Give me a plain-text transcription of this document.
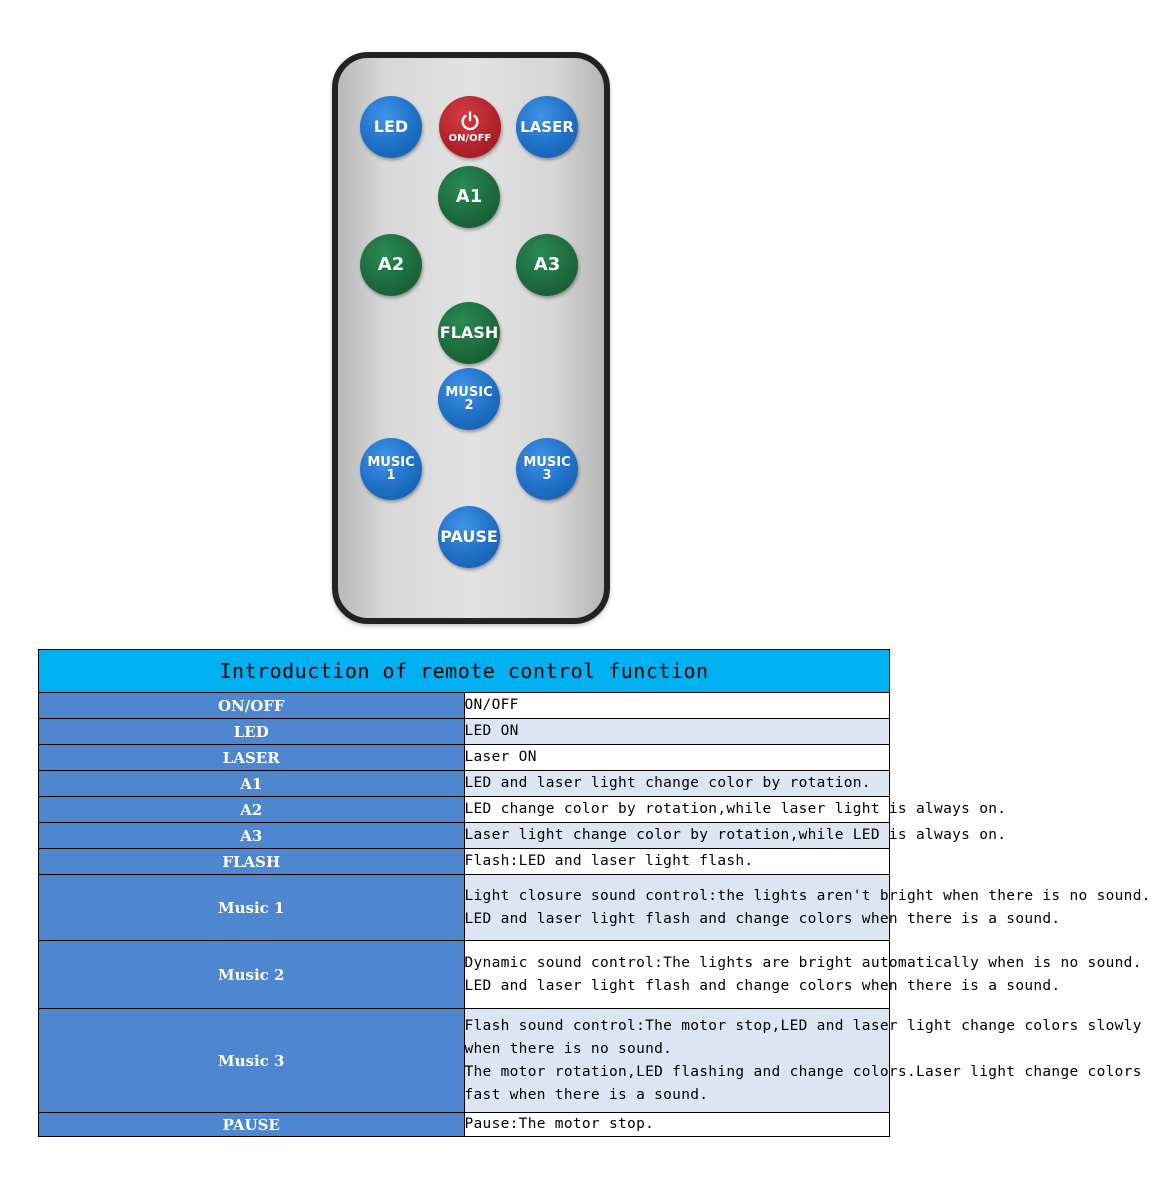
LED
ON/OFF
LASER
A1
A2	A3
FLASH
MUSIC
2
MUSIC
1
MUSIC
3
PAUSE
Introduction of remote control function	
ON/OFF	ON/OFF

LED	LED ON

LASER	Laser ON

A1	LED and laser light change color by rotation.

A2	LED change color by rotation,while laser light is always on.

A3	Laser light change color by rotation,while LED is always on.

FLASH	Flash:LED and laser light flash.

Music 1	Light closure sound control:the lights aren't bright when there is no sound.
LED and laser light flash and change colors when there is a sound.

Music 2	Dynamic sound control:The lights are bright automatically when is no sound.
LED and laser light flash and change colors when there is a sound.

Music 3	Flash sound control:The motor stop,LED and laser light change colors slowly
when there is no sound.
The motor rotation,LED flashing and change colors.Laser light change colors
fast when there is a sound.

PAUSE	Pause:The motor stop.
